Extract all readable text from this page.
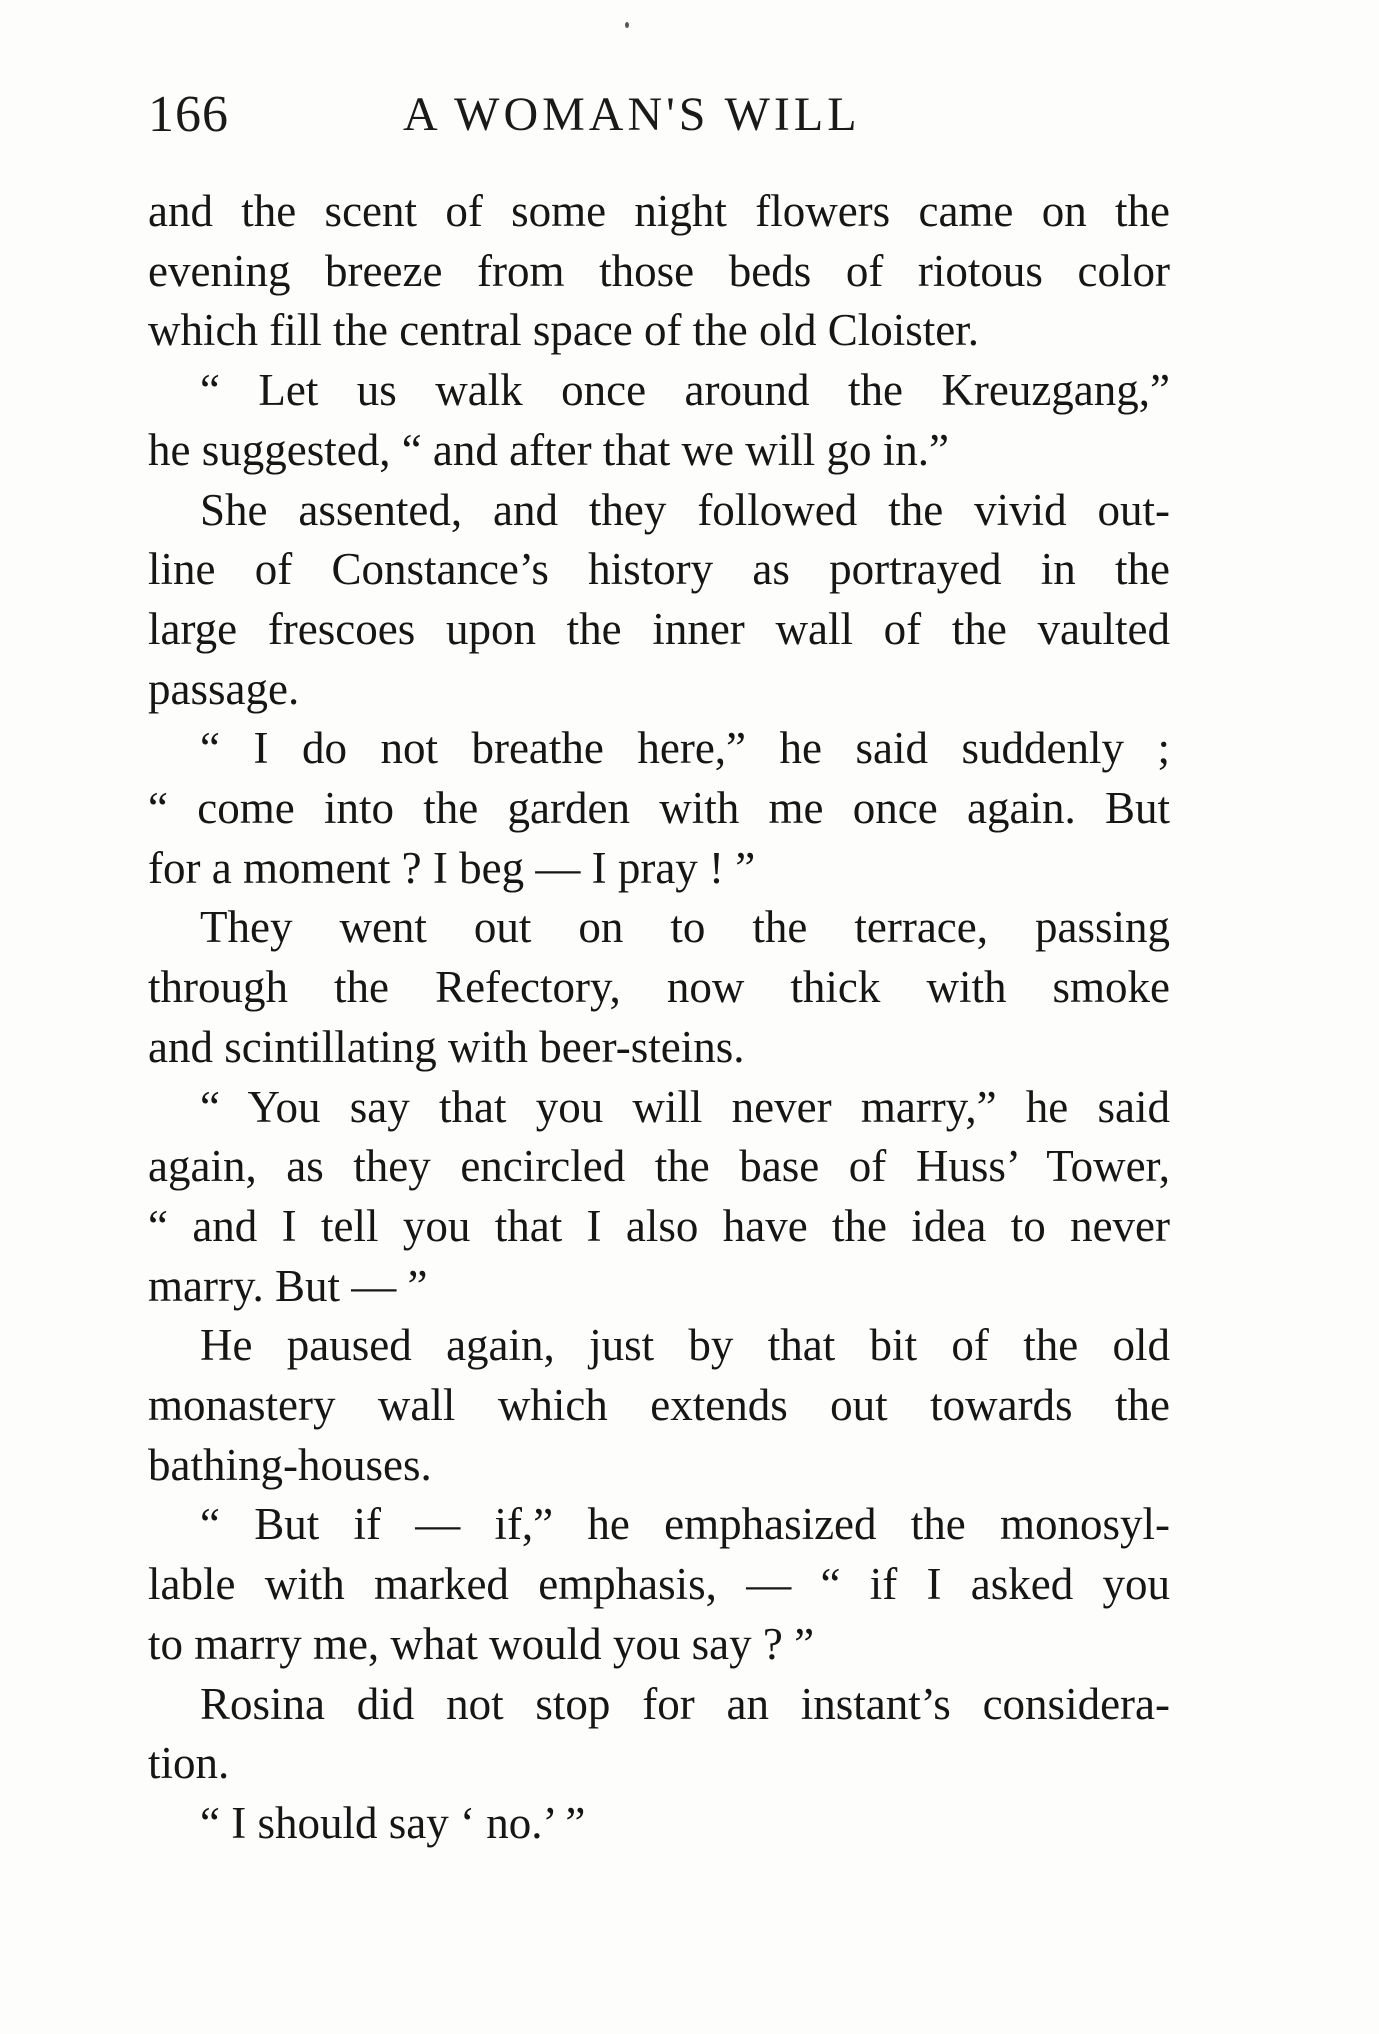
166	A WOMAN'S WILL

and the scent of some night flowers came on the
evening breeze from those beds of riotous color
which fill the central space of the old Cloister.

“ Let us walk once around the Kreuzgang,”
he suggested, “ and after that we will go in.”

She assented, and they followed the vivid out-
line of Constance’s history as portrayed in the
large frescoes upon the inner wall of the vaulted
passage.

“ I do not breathe here,” he said suddenly ;
“ come into the garden with me once again. But
for a moment ? I beg — I pray ! ”

They went out on to the terrace, passing
through the Refectory, now thick with smoke
and scintillating with beer-steins.

“ You say that you will never marry,” he said
again, as they encircled the base of Huss’ Tower,
“ and I tell you that I also have the idea to never
marry. But — ”

He paused again, just by that bit of the old
monastery wall which extends out towards the
bathing-houses.

“ But if — if,” he emphasized the monosyl-
lable with marked emphasis, — “ if I asked you
to marry me, what would you say ? ”

Rosina did not stop for an instant’s considera-
tion.

“ I should say ‘ no.’ ”
